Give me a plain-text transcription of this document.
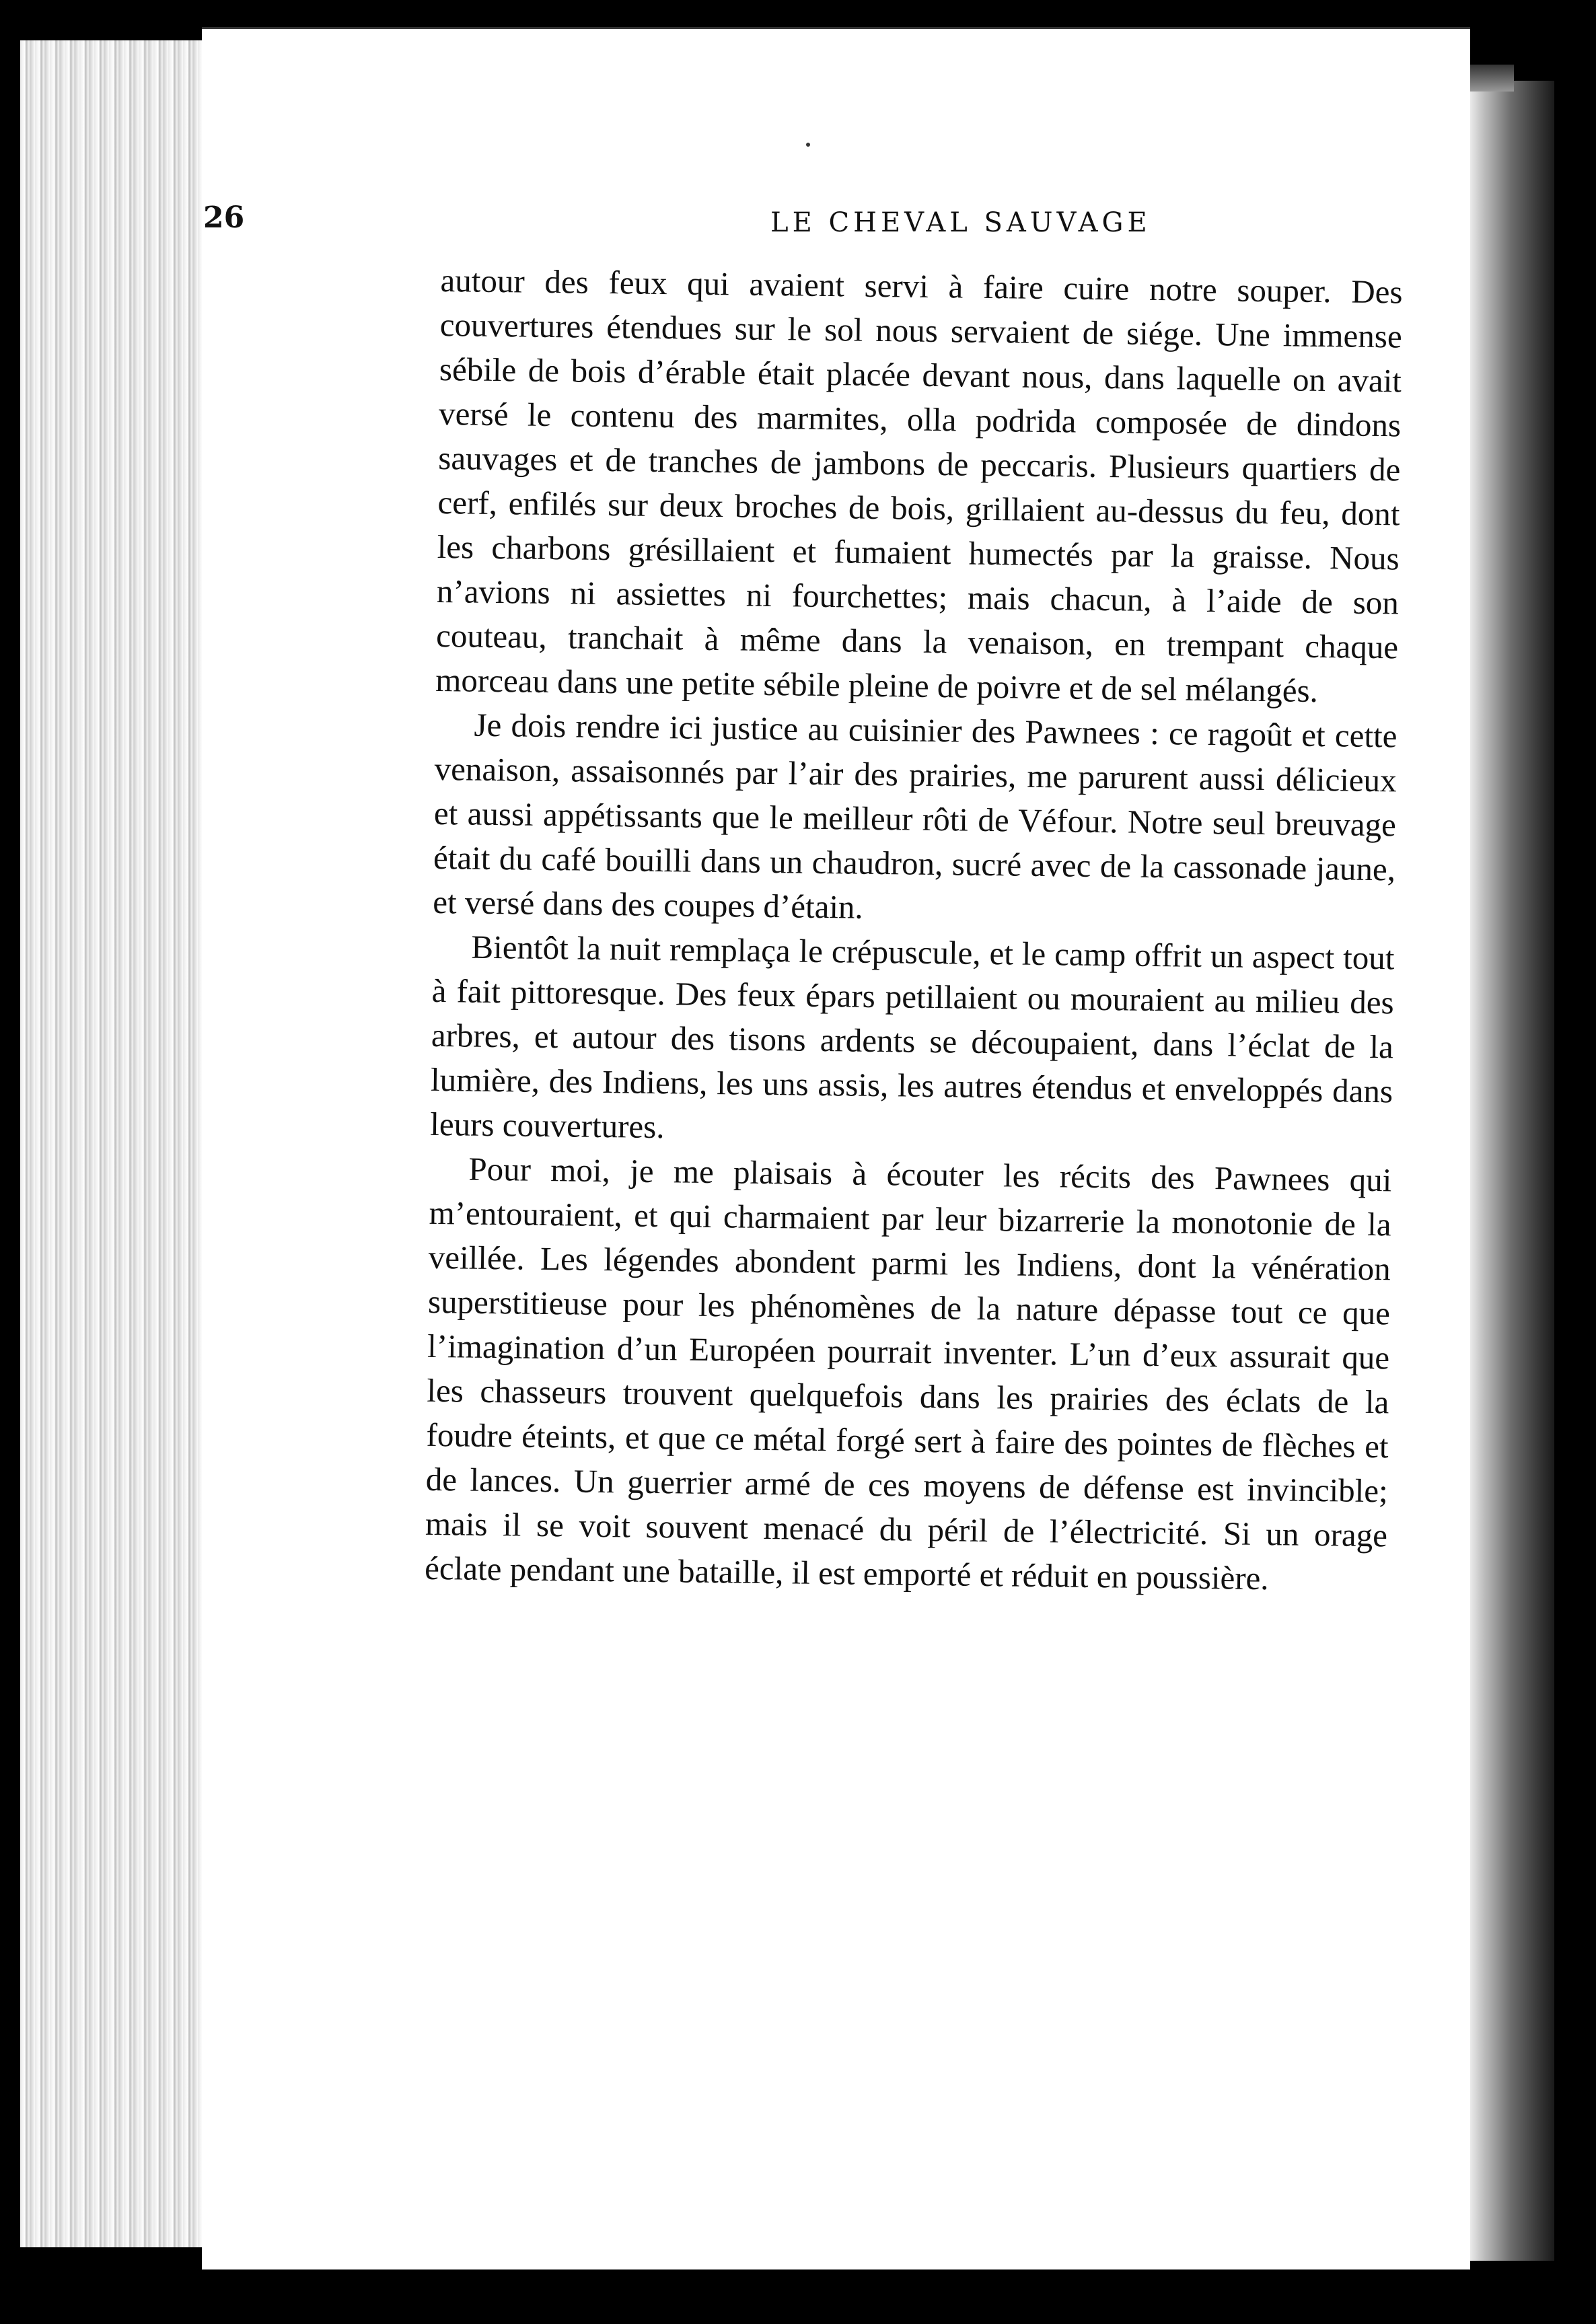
26	LE CHEVAL SAUVAGE

autour des feux qui avaient servi à faire cuire notre souper. Des couvertures étendues sur le sol nous servaient de siége. Une immense sébile de bois d’érable était placée devant nous, dans laquelle on avait versé le contenu des marmites, olla podrida composée de dindons sauvages et de tranches de jambons de peccaris. Plusieurs quartiers de cerf, enfilés sur deux broches de bois, grillaient au-dessus du feu, dont les charbons grésillaient et fumaient humectés par la graisse. Nous n’avions ni assiettes ni fourchettes; mais chacun, à l’aide de son couteau, tranchait à même dans la venaison, en trempant chaque morceau dans une petite sébile pleine de poivre et de sel mélangés.

Je dois rendre ici justice au cuisinier des Pawnees : ce ragoût et cette venaison, assaisonnés par l’air des prairies, me parurent aussi délicieux et aussi appétissants que le meilleur rôti de Véfour. Notre seul breuvage était du café bouilli dans un chaudron, sucré avec de la cassonade jaune, et versé dans des coupes d’étain.

Bientôt la nuit remplaça le crépuscule, et le camp offrit un aspect tout à fait pittoresque. Des feux épars petillaient ou mouraient au milieu des arbres, et autour des tisons ardents se découpaient, dans l’éclat de la lumière, des Indiens, les uns assis, les autres étendus et enveloppés dans leurs couvertures.

Pour moi, je me plaisais à écouter les récits des Pawnees qui m’entouraient, et qui charmaient par leur bizarrerie la monotonie de la veillée. Les légendes abondent parmi les Indiens, dont la vénération superstitieuse pour les phénomènes de la nature dépasse tout ce que l’imagination d’un Européen pourrait inventer. L’un d’eux assurait que les chasseurs trouvent quelquefois dans les prairies des éclats de la foudre éteints, et que ce métal forgé sert à faire des pointes de flèches et de lances. Un guerrier armé de ces moyens de défense est invincible; mais il se voit souvent menacé du péril de l’électricité. Si un orage éclate pendant une bataille, il est emporté et réduit en poussière.
